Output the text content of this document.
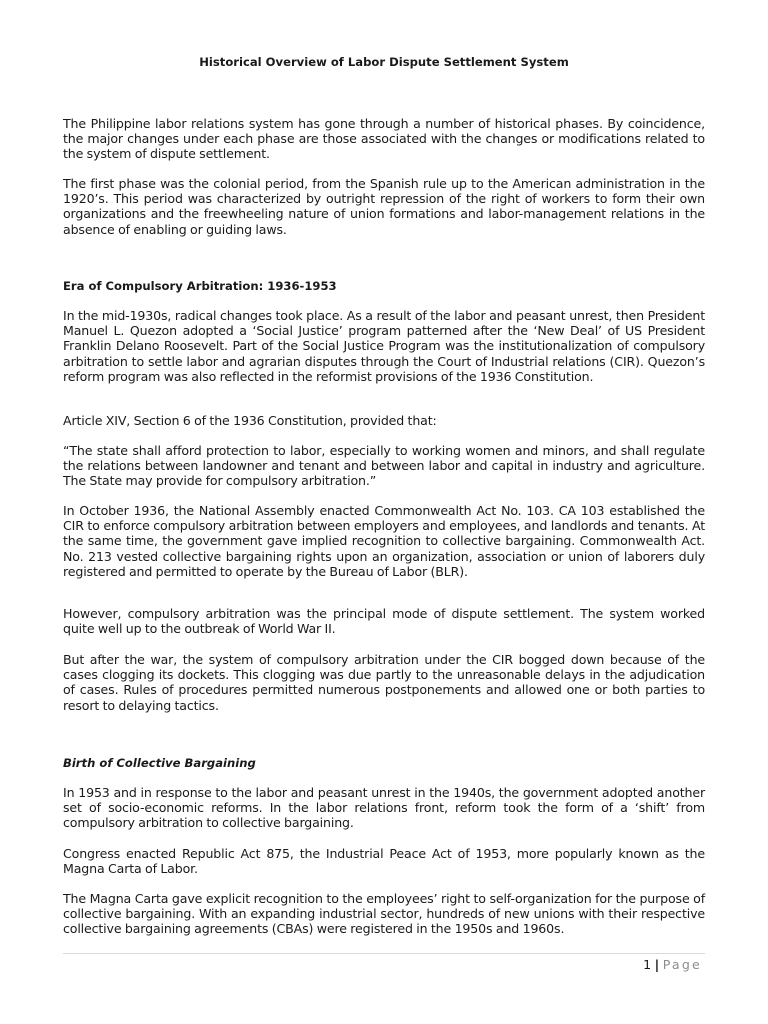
Historical Overview of Labor Dispute Settlement System

The Philippine labor relations system has gone through a number of historical phases. By coincidence, the major changes under each phase are those associated with the changes or modifications related to the system of dispute settlement.

The first phase was the colonial period, from the Spanish rule up to the American administration in the 1920’s. This period was characterized by outright repression of the right of workers to form their own organizations and the freewheeling nature of union formations and labor-management relations in the absence of enabling or guiding laws.

Era of Compulsory Arbitration: 1936-1953

In the mid-1930s, radical changes took place. As a result of the labor and peasant unrest, then President Manuel L. Quezon adopted a ‘Social Justice’ program patterned after the ‘New Deal’ of US President Franklin Delano Roosevelt. Part of the Social Justice Program was the institutionalization of compulsory arbitration to settle labor and agrarian disputes through the Court of Industrial relations (CIR). Quezon’s reform program was also reflected in the reformist provisions of the 1936 Constitution.

Article XIV, Section 6 of the 1936 Constitution, provided that:

“The state shall afford protection to labor, especially to working women and minors, and shall regulate the relations between landowner and tenant and between labor and capital in industry and agriculture. The State may provide for compulsory arbitration.”

In October 1936, the National Assembly enacted Commonwealth Act No. 103. CA 103 established the CIR to enforce compulsory arbitration between employers and employees, and landlords and tenants. At the same time, the government gave implied recognition to collective bargaining. Commonwealth Act. No. 213 vested collective bargaining rights upon an organization, association or union of laborers duly registered and permitted to operate by the Bureau of Labor (BLR).

However, compulsory arbitration was the principal mode of dispute settlement. The system worked quite well up to the outbreak of World War II.

But after the war, the system of compulsory arbitration under the CIR bogged down because of the cases clogging its dockets. This clogging was due partly to the unreasonable delays in the adjudication of cases. Rules of procedures permitted numerous postponements and allowed one or both parties to resort to delaying tactics.

Birth of Collective Bargaining

In 1953 and in response to the labor and peasant unrest in the 1940s, the government adopted another set of socio-economic reforms. In the labor relations front, reform took the form of a ‘shift’ from compulsory arbitration to collective bargaining.

Congress enacted Republic Act 875, the Industrial Peace Act of 1953, more popularly known as the Magna Carta of Labor.

The Magna Carta gave explicit recognition to the employees’ right to self-organization for the purpose of collective bargaining. With an expanding industrial sector, hundreds of new unions with their respective collective bargaining agreements (CBAs) were registered in the 1950s and 1960s.

1 | Page
